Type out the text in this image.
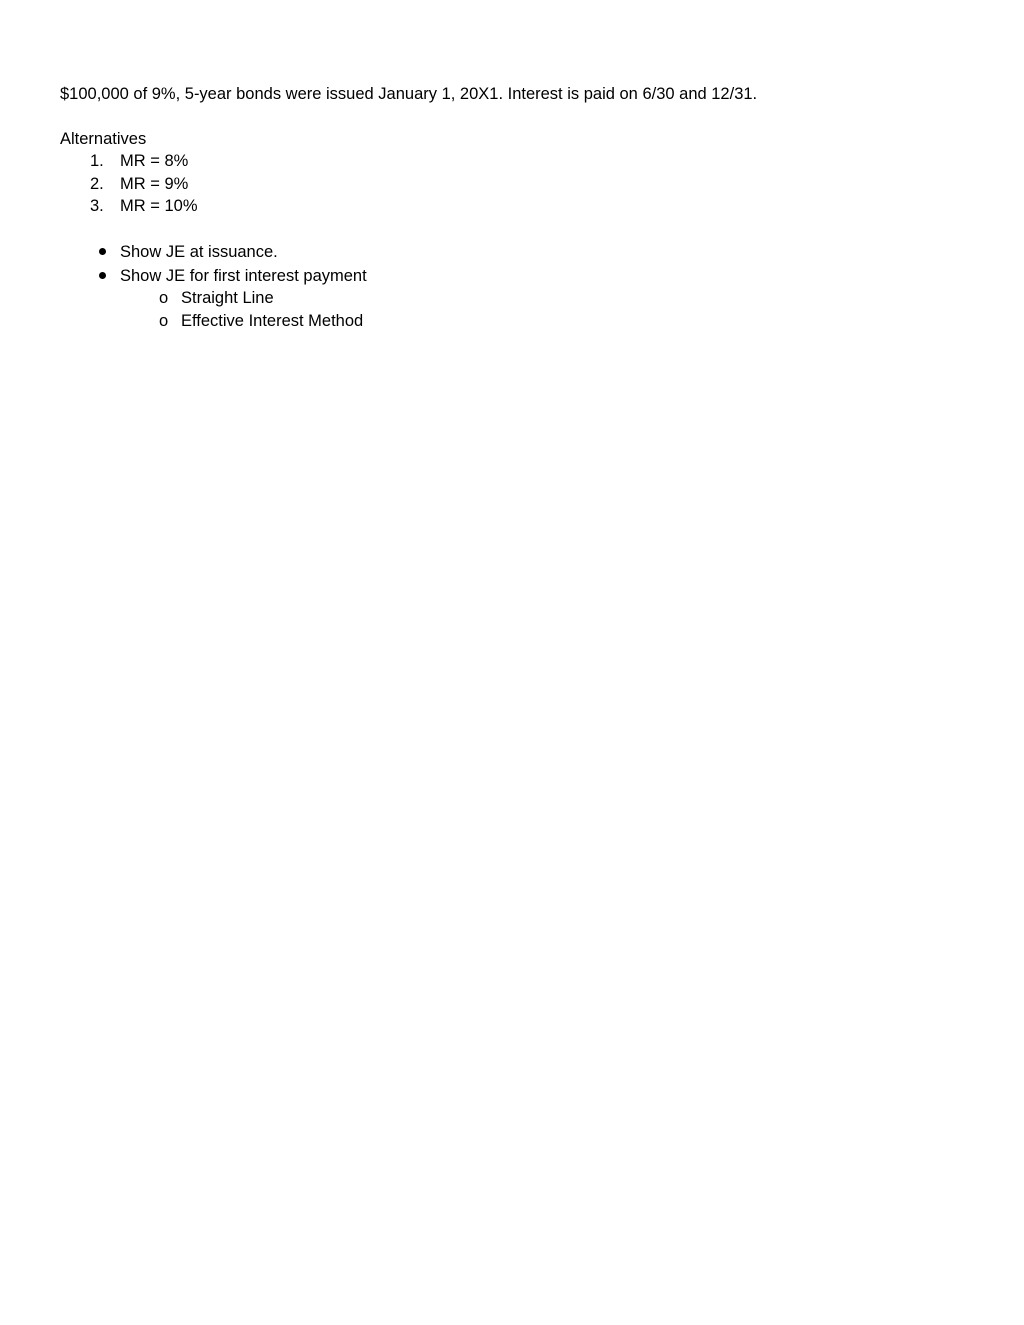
$100,000 of 9%, 5-year bonds were issued January 1, 20X1. Interest is paid on 6/30 and 12/31.
Alternatives
1. MR = 8%
2. MR = 9%
3. MR = 10%
Show JE at issuance.
Show JE for first interest payment
o Straight Line
o Effective Interest Method
